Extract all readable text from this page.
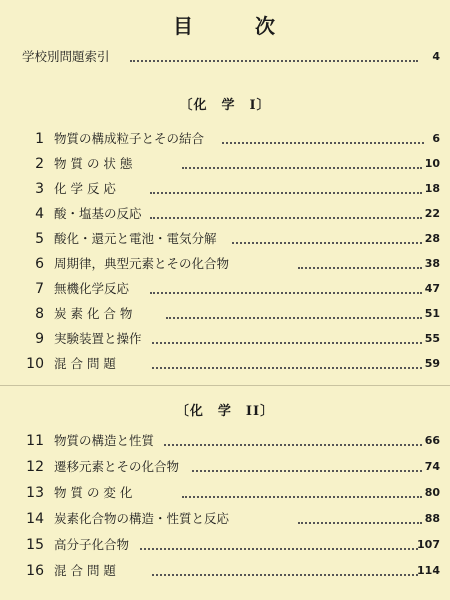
目	次
学校別問題索引	4
〔化　学　I〕
1 物質の構成粒子とその結合	6
2 物 質 の 状 態	10
3 化 学 反 応	18
4 酸・塩基の反応	22
5 酸化・還元と電池・電気分解	28
6 周期律，典型元素とその化合物	38
7 無機化学反応	47
8 炭 素 化 合 物	51
9 実験装置と操作	55
10 混 合 問 題	59
〔化　学　II〕
11 物質の構造と性質	66
12 遷移元素とその化合物	74
13 物 質 の 変 化	80
14 炭素化合物の構造・性質と反応	88
15 高分子化合物	107
16 混 合 問 題	114
